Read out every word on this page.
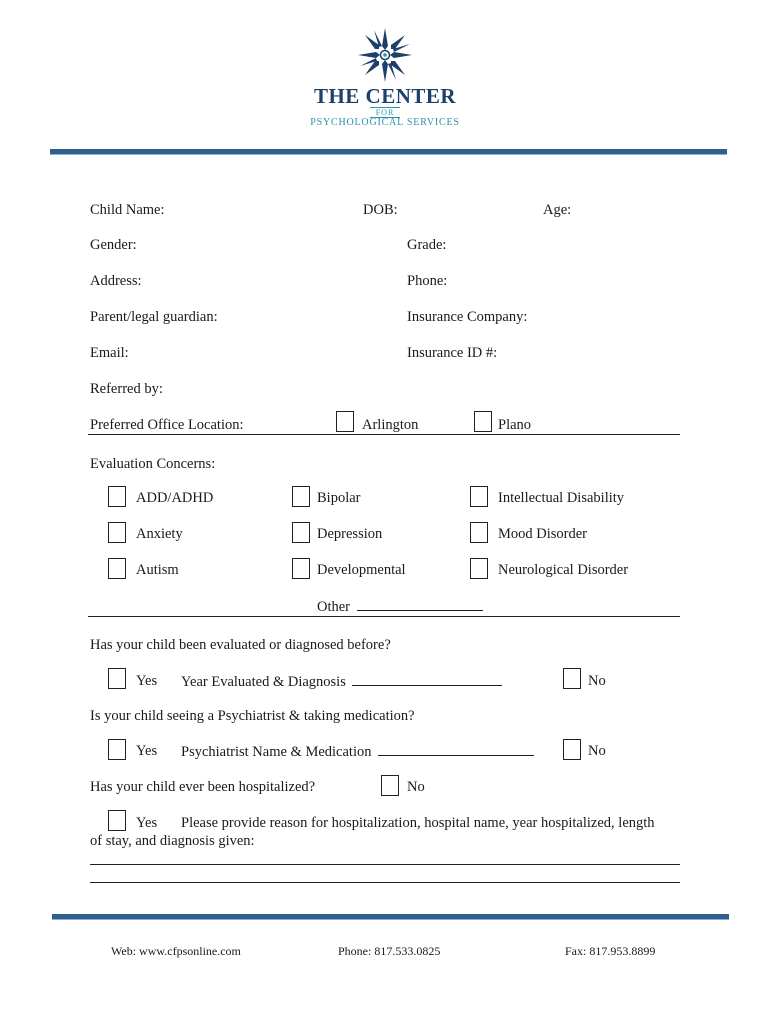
THE CENTER
FOR
PSYCHOLOGICAL SERVICES
Child Name:	DOB:	Age:
Gender:	Grade:
Address:	Phone:
Parent/legal guardian:	Insurance Company:
Email:	Insurance ID #:
Referred by:
Preferred Office Location:	Arlington	Plano
Evaluation Concerns:
ADD/ADHD	Bipolar	Intellectual Disability
Anxiety	Depression	Mood Disorder
Autism	Developmental	Neurological Disorder
Other
Has your child been evaluated or diagnosed before?
Yes Year Evaluated & Diagnosis	No
Is your child seeing a Psychiatrist & taking medication?
Yes Psychiatrist Name & Medication	No
Has your child ever been hospitalized?	No
Yes Please provide reason for hospitalization, hospital name, year hospitalized, length
of stay, and diagnosis given:
Web: www.cfpsonline.com	Phone: 817.533.0825	Fax: 817.953.8899
